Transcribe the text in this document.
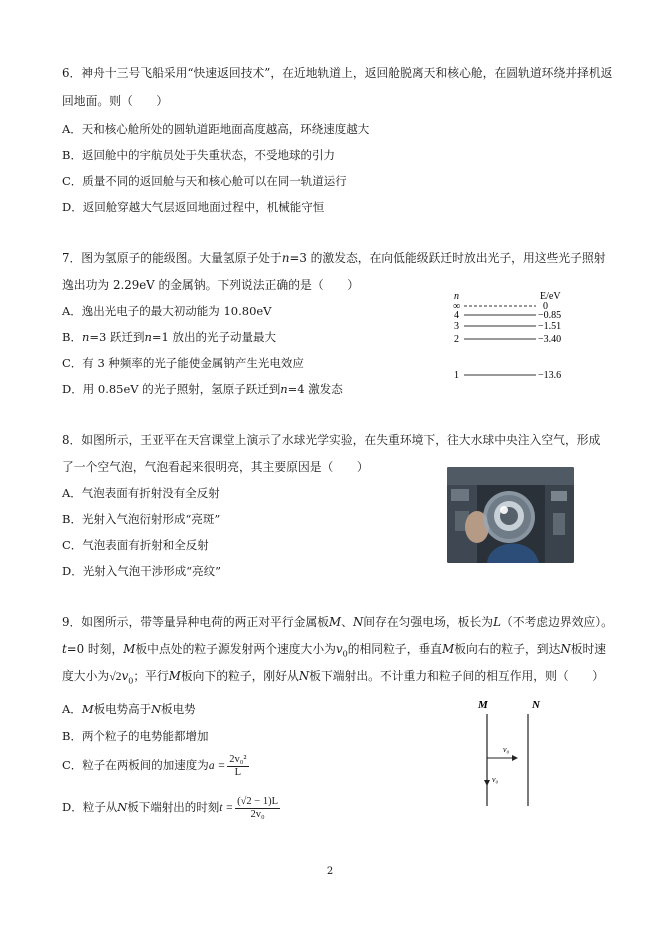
6．神舟十三号飞船采用“快速返回技术”，在近地轨道上，返回舱脱离天和核心舱，在圆轨道环绕并择机返
回地面。则（　　）
A．天和核心舱所处的圆轨道距地面高度越高，环绕速度越大
B．返回舱中的宇航员处于失重状态，不受地球的引力
C．质量不同的返回舱与天和核心舱可以在同一轨道运行
D．返回舱穿越大气层返回地面过程中，机械能守恒
7．图为氢原子的能级图。大量氢原子处于n=3 的激发态，在向低能级跃迁时放出光子，用这些光子照射
逸出功为 2.29eV 的金属钠。下列说法正确的是（　　）
A．逸出光电子的最大初动能为 10.80eV
B．n=3 跃迁到n=1 放出的光子动量最大
C．有 3 种频率的光子能使金属钠产生光电效应
D．用 0.85eV 的光子照射，氢原子跃迁到n=4 激发态
n	E/eV
∞	0
4	−0.85
3	−1.51
2	−3.40
1	−13.6
8．如图所示，王亚平在天宫课堂上演示了水球光学实验，在失重环境下，往大水球中央注入空气，形成
了一个空气泡，气泡看起来很明亮，其主要原因是（　　）
A．气泡表面有折射没有全反射
B．光射入气泡衍射形成“亮斑”
C．气泡表面有折射和全反射
D．光射入气泡干涉形成“亮纹”
9．如图所示，带等量异种电荷的两正对平行金属板M、N间存在匀强电场，板长为L（不考虑边界效应）。
t=0 时刻，M板中点处的粒子源发射两个速度大小为$v_0$的相同粒子，垂直M板向右的粒子，到达N板时速
度大小为$√2v_0$；平行M板向下的粒子，刚好从N板下端射出。不计重力和粒子间的相互作用，则（　　）
A．M板电势高于N板电势
B．两个粒子的电势能都增加
C．粒子在两板间的加速度为$a = \frac{\text{2v₀²}}{L}$
D．粒子从N板下端射出的时刻$t = \frac{(√2 - 1)L}{\text{2v₀}}$
M	N
v₀
v₀
2
